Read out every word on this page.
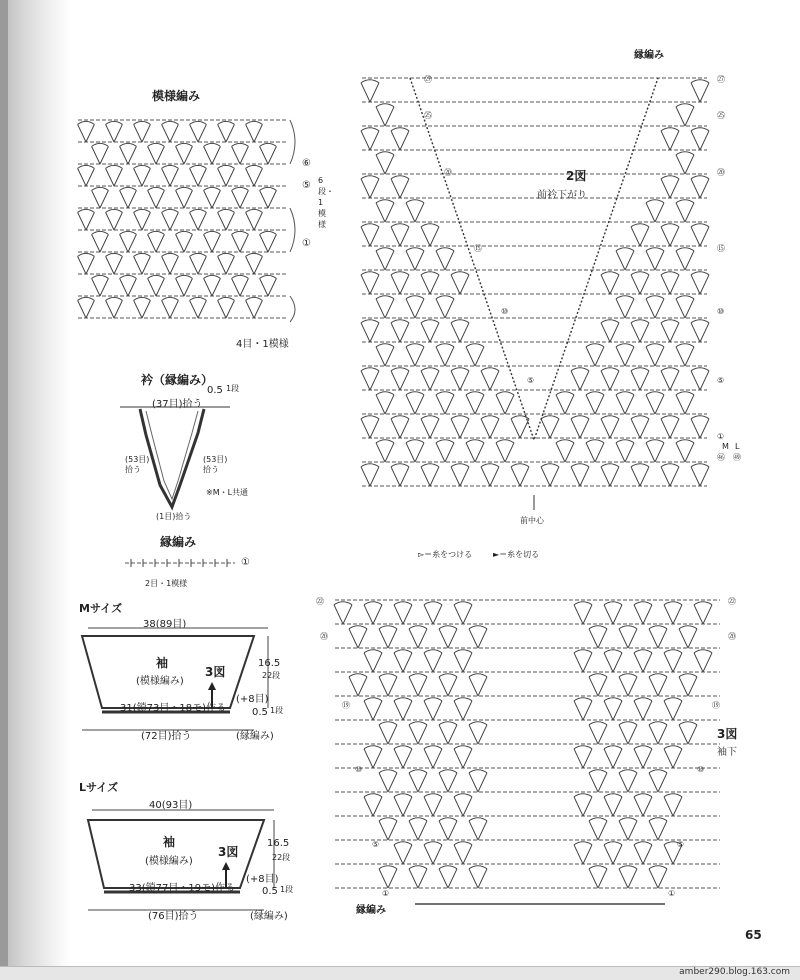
模様編み
⑥
⑤
①
6段・1模様
4目・1模様
衿（縁編み）
(37目)拾う
0.5 1段
(53目)
拾う
(53目)
拾う
※M・L共通
(1目)拾う
縁編み
①
2目・1模様
Mサイズ
38(89目)
袖
3図
(模様編み)
16.5
22段
(+8目)
31(鎖73目・18モ)作る	0.5 1段
(72目)拾う	(縁編み)
Lサイズ
40(93目)
袖
3図
(模様編み)
16.5
22段
(+8目)
33(鎖77目・19モ)作る	0.5 1段
(76目)拾う	(縁編み)
縁編み
2図
前衿下がり
㉗	㉗
㉕	㉕
⑳	⑳
⑮	⑮
⑩	⑩
⑤	⑤
①
M L
㊻ ㊾
前中心
▻＝糸をつける	►＝糸を切る
㉒	㉒
⑳	⑳
⑲	⑲
⑩	⑩
⑤	⑤
①	①
縁編み
3図
袖下
65
amber290.blog.163.com
